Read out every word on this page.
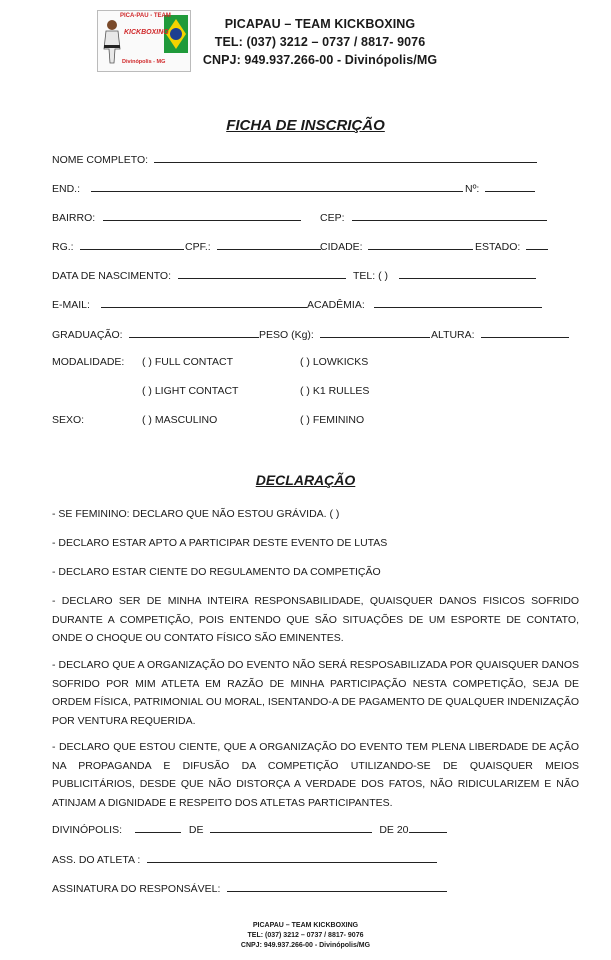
PICA-PAU - TEAM
KICKBOXING
Divinópolis - MG
PICAPAU – TEAM KICKBOXING
TEL: (037) 3212 – 0737 / 8817- 9076
CNPJ: 949.937.266-00 - Divinópolis/MG
FICHA DE INSCRIÇÃO
NOME COMPLETO:
END.:	Nº:
BAIRRO:	CEP:
RG.:	CPF.:	CIDADE:	ESTADO:
DATA DE NASCIMENTO:	TEL: ( )
E-MAIL:	ACADÊMIA:
GRADUAÇÃO:	PESO (Kg):	ALTURA:
MODALIDADE: ( ) FULL CONTACT	( ) LOWKICKS
( ) LIGHT CONTACT	( ) K1 RULLES
SEXO:	( ) MASCULINO	( ) FEMININO
DECLARAÇÃO
- SE FEMININO: DECLARO QUE NÃO ESTOU GRÁVIDA. ( )
- DECLARO ESTAR APTO A PARTICIPAR DESTE EVENTO DE LUTAS
- DECLARO ESTAR CIENTE DO REGULAMENTO DA COMPETIÇÃO
- DECLARO SER DE MINHA INTEIRA RESPONSABILIDADE, QUAISQUER DANOS FISICOS SOFRIDO DURANTE A COMPETIÇÃO, POIS ENTENDO QUE SÃO SITUAÇÕES DE UM ESPORTE DE CONTATO, ONDE O CHOQUE OU CONTATO FÍSICO SÃO EMINENTES.
- DECLARO QUE A ORGANIZAÇÃO DO EVENTO NÃO SERÁ RESPOSABILIZADA POR QUAISQUER DANOS SOFRIDO POR MIM ATLETA EM RAZÃO DE MINHA PARTICIPAÇÃO NESTA COMPETIÇÃO, SEJA DE ORDEM FÍSICA, PATRIMONIAL OU MORAL, ISENTANDO-A DE PAGAMENTO DE QUALQUER INDENIZAÇÃO POR VENTURA REQUERIDA.
- DECLARO QUE ESTOU CIENTE, QUE A ORGANIZAÇÃO DO EVENTO TEM PLENA LIBERDADE DE AÇÃO NA PROPAGANDA E DIFUSÃO DA COMPETIÇÃO UTILIZANDO-SE DE QUAISQUER MEIOS PUBLICITÁRIOS, DESDE QUE NÃO DISTORÇA A VERDADE DOS FATOS, NÃO RIDICULARIZEM E NÃO ATINJAM A DIGNIDADE E RESPEITO DOS ATLETAS PARTICIPANTES.
DIVINÓPOLIS:	DE	DE 20
ASS. DO ATLETA :
ASSINATURA DO RESPONSÁVEL:
PICAPAU – TEAM KICKBOXING
TEL: (037) 3212 – 0737 / 8817- 9076
CNPJ: 949.937.266-00 - Divinópolis/MG
